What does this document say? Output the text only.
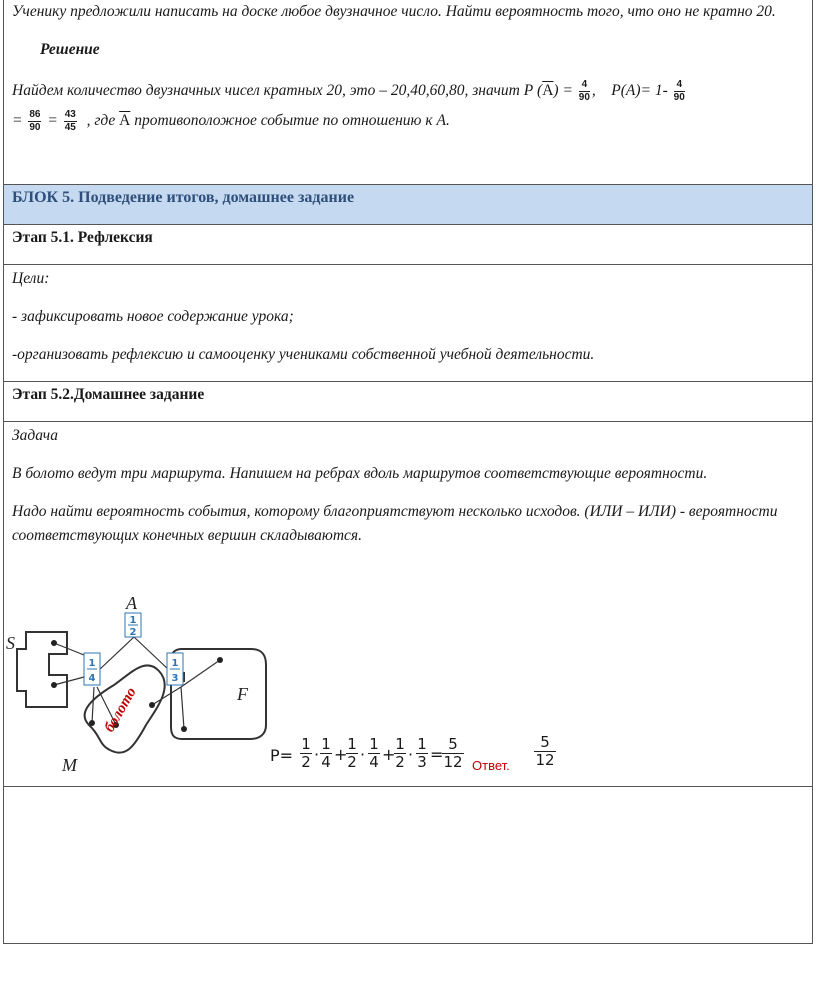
Ученику предложили написать на доске любое двузначное число. Найти вероятность того, что оно не кратно 20.
Решение
Найдем количество двузначных чисел кратных 20, это – 20,40,60,80, значит Р $(А) = \frac{4}{90}$ , $Р(А)= 1- \frac{4}{90}$
= $\frac{86}{90} = \frac{43}{45}$ , где А противоположное событие по отношению к А.
БЛОК 5. Подведение итогов, домашнее задание
Этап 5.1. Рефлексия
Цели:
- зафиксировать новое содержание урока;
-организовать рефлексию и самооценку учениками собственной учебной деятельности.
Этап 5.2.Домашнее задание
Задача
В болото ведут три маршрута. Напишем на ребрах вдоль маршрутов соответствующие вероятности.
Надо найти вероятность события, которому благоприятствуют несколько исходов. (ИЛИ – ИЛИ) - вероятности соответствующих конечных вершин складываются.
1
2
1
4
1
3
S
A
F
M
болото
P=
1
2 ·
1
4 +
1
2 ·
1
4 +
1
2 ·
1
3 =
5
12 Ответ.
5
12
